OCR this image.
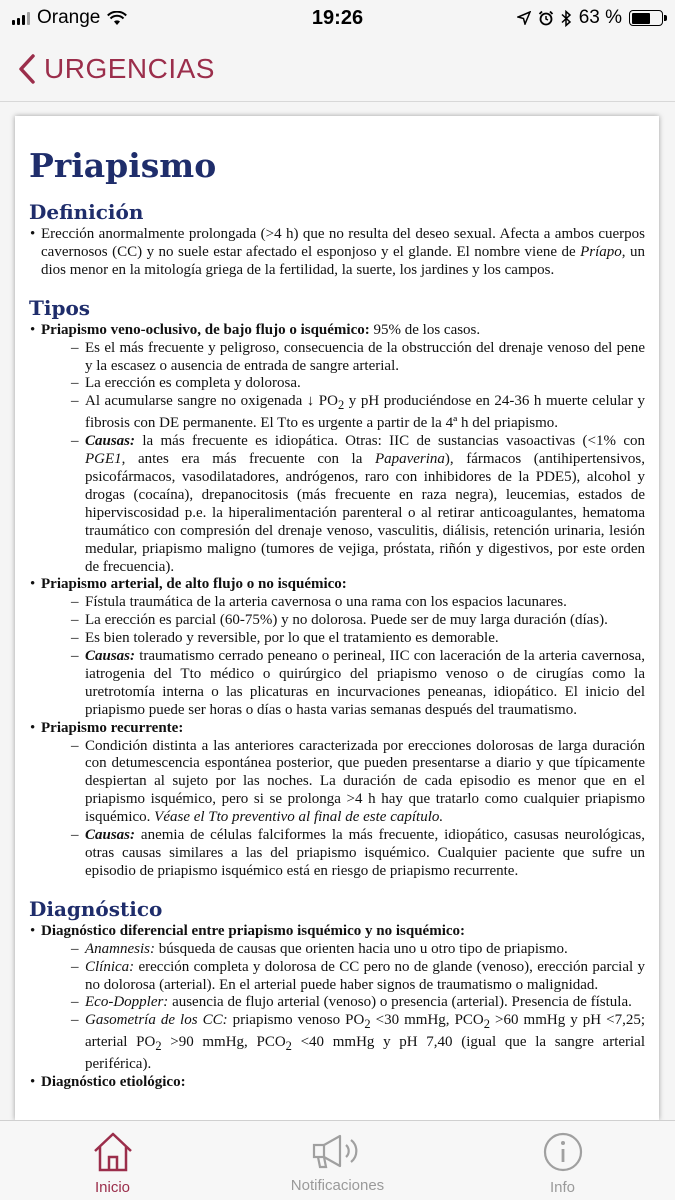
Orange	19:26	63 %
URGENCIAS
Priapismo
Definición
• Erección anormalmente prolongada (>4 h) que no resulta del deseo sexual. Afecta a ambos cuerpos cavernosos (CC) y no suele estar afectado el esponjoso y el glande. El nombre viene de Príapo, un dios menor en la mitología griega de la fertilidad, la suerte, los jardines y los campos.
Tipos
• Priapismo veno-oclusivo, de bajo flujo o isquémico: 95% de los casos.
– Es el más frecuente y peligroso, consecuencia de la obstrucción del drenaje venoso del pene y la escasez o ausencia de entrada de sangre arterial.
– La erección es completa y dolorosa.
– Al acumularse sangre no oxigenada ↓ $PO_2$ y pH produciéndose en 24-36 h muerte celular y fibrosis con DE permanente. El Tto es urgente a partir de la 4ª h del priapismo.
– Causas: la más frecuente es idiopática. Otras: IIC de sustancias vasoactivas (<1% con PGE1, antes era más frecuente con la Papaverina), fármacos (antihipertensivos, psicofármacos, vasodilatadores, andrógenos, raro con inhibidores de la PDE5), alcohol y drogas (cocaína), drepanocitosis (más frecuente en raza negra), leucemias, estados de hiperviscosidad p.e. la hiperalimentación parenteral o al retirar anticoagulantes, hematoma traumático con compresión del drenaje venoso, vasculitis, diálisis, retención urinaria, lesión medular, priapismo maligno (tumores de vejiga, próstata, riñón y digestivos, por este orden de frecuencia).
• Priapismo arterial, de alto flujo o no isquémico:
– Fístula traumática de la arteria cavernosa o una rama con los espacios lacunares.
– La erección es parcial (60-75%) y no dolorosa. Puede ser de muy larga duración (días).
– Es bien tolerado y reversible, por lo que el tratamiento es demorable.
– Causas: traumatismo cerrado peneano o perineal, IIC con laceración de la arteria cavernosa, iatrogenia del Tto médico o quirúrgico del priapismo venoso o de cirugías como la uretrotomía interna o las plicaturas en incurvaciones peneanas, idiopático. El inicio del priapismo puede ser horas o días o hasta varias semanas después del traumatismo.
• Priapismo recurrente:
– Condición distinta a las anteriores caracterizada por erecciones dolorosas de larga duración con detumescencia espontánea posterior, que pueden presentarse a diario y que típicamente despiertan al sujeto por las noches. La duración de cada episodio es menor que en el priapismo isquémico, pero si se prolonga >4 h hay que tratarlo como cualquier priapismo isquémico. Véase el Tto preventivo al final de este capítulo.
– Causas: anemia de células falciformes la más frecuente, idiopático, casusas neurológicas, otras causas similares a las del priapismo isquémico. Cualquier paciente que sufre un episodio de priapismo isquémico está en riesgo de priapismo recurrente.
Diagnóstico
• Diagnóstico diferencial entre priapismo isquémico y no isquémico:
– Anamnesis: búsqueda de causas que orienten hacia uno u otro tipo de priapismo.
– Clínica: erección completa y dolorosa de CC pero no de glande (venoso), erección parcial y no dolorosa (arterial). En el arterial puede haber signos de traumatismo o malignidad.
– Eco-Doppler: ausencia de flujo arterial (venoso) o presencia (arterial). Presencia de fístula.
– Gasometría de los CC: priapismo venoso $PO_2 <30$ mmHg, $PCO_2 >60$ mmHg y pH <7,25; arterial $PO_2 >90$ mmHg, $PCO_2 <40$ mmHg y pH 7,40 (igual que la sangre arterial periférica).
• Diagnóstico etiológico:
Inicio	Notificaciones	Info
